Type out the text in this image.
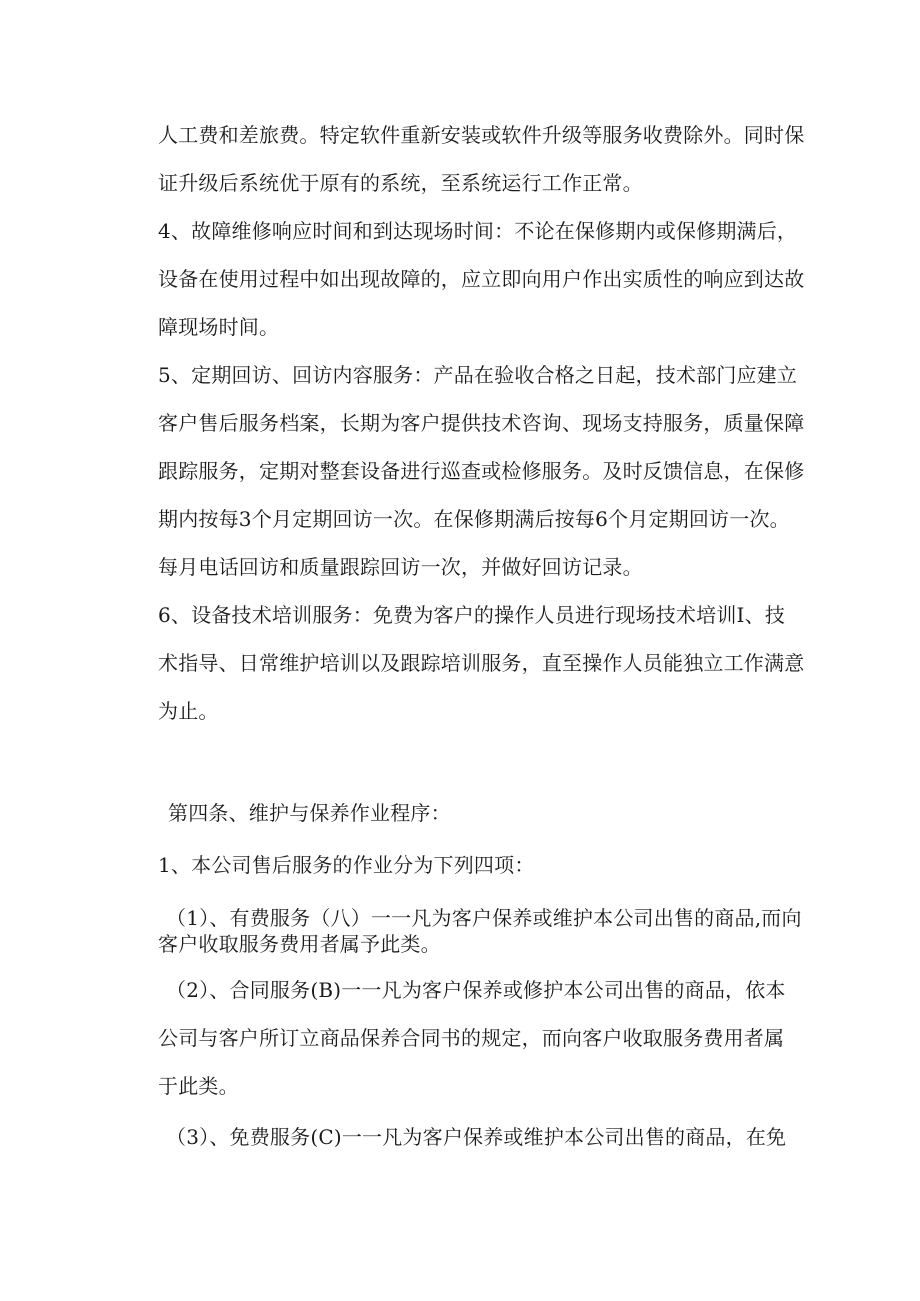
人工费和差旅费。特定软件重新安装或软件升级等服务收费除外。同时保
证升级后系统优于原有的系统，至系统运行工作正常。
4、故障维修响应时间和到达现场时间：不论在保修期内或保修期满后，
设备在使用过程中如出现故障的，应立即向用户作出实质性的响应到达故
障现场时间。
5、定期回访、回访内容服务：产品在验收合格之日起，技术部门应建立
客户售后服务档案，长期为客户提供技术咨询、现场支持服务，质量保障
跟踪服务，定期对整套设备进行巡查或检修服务。及时反馈信息，在保修
期内按每3个月定期回访一次。在保修期满后按每6个月定期回访一次。
每月电话回访和质量跟踪回访一次，并做好回访记录。
6、设备技术培训服务：免费为客户的操作人员进行现场技术培训I、技
术指导、日常维护培训以及跟踪培训服务，直至操作人员能独立工作满意
为止。
第四条、维护与保养作业程序：
1、本公司售后服务的作业分为下列四项：
（1）、有费服务（八）一一凡为客户保养或维护本公司出售的商品,而向
客户收取服务费用者属予此类。
（2）、合同服务(B)一一凡为客户保养或修护本公司出售的商品，依本
公司与客户所订立商品保养合同书的规定，而向客户收取服务费用者属
于此类。
（3）、免费服务(C)一一凡为客户保养或维护本公司出售的商品，在免
